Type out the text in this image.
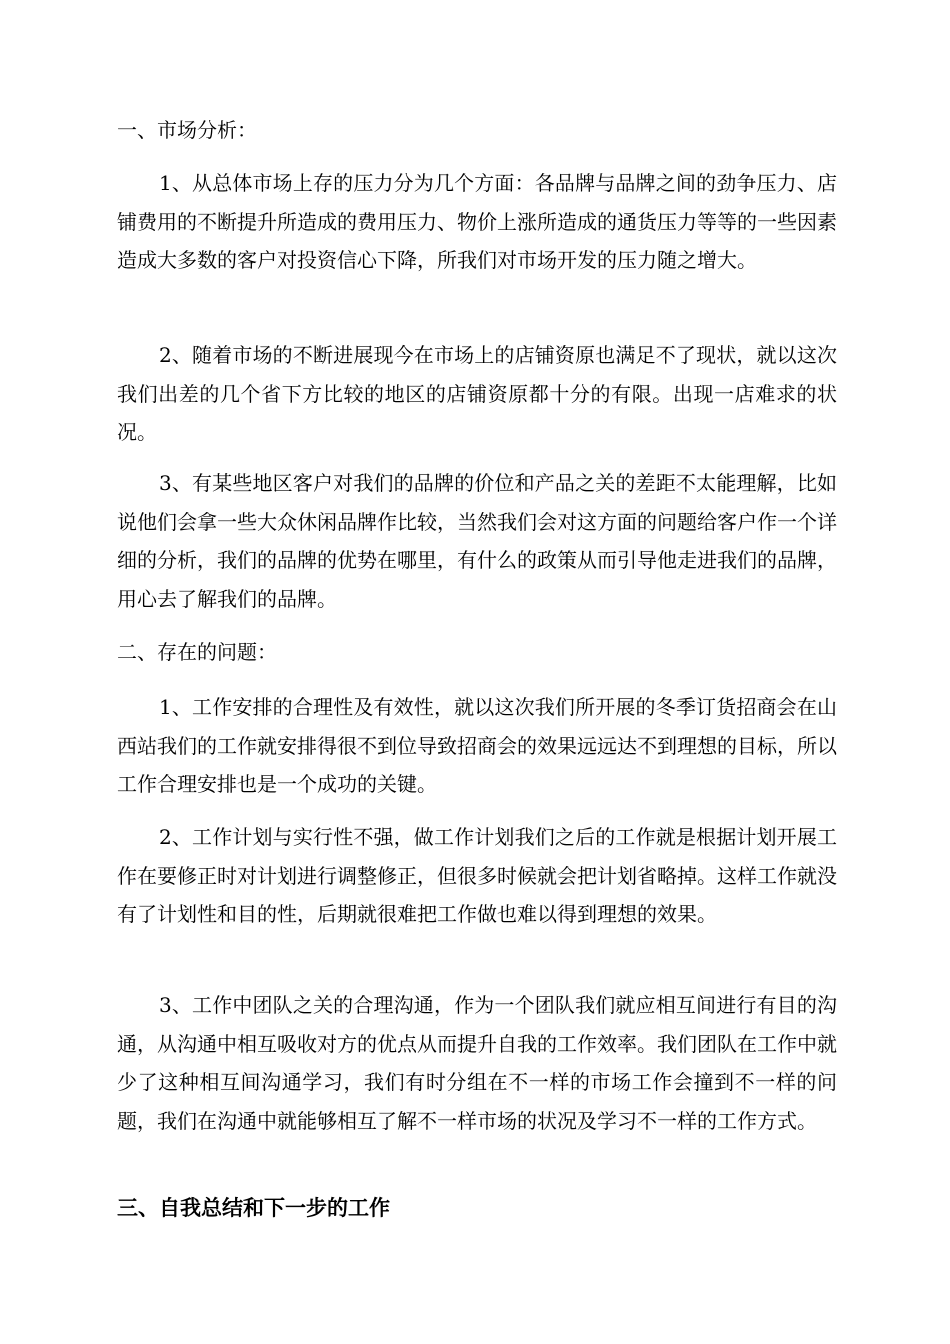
一、市场分析：

1、从总体市场上存的压力分为几个方面：各品牌与品牌之间的劲争压力、店铺费用的不断提升所造成的费用压力、物价上涨所造成的通货压力等等的一些因素造成大多数的客户对投资信心下降，所我们对市场开发的压力随之增大。

2、随着市场的不断进展现今在市场上的店铺资原也满足不了现状，就以这次我们出差的几个省下方比较的地区的店铺资原都十分的有限。出现一店难求的状况。

3、有某些地区客户对我们的品牌的价位和产品之关的差距不太能理解，比如说他们会拿一些大众休闲品牌作比较，当然我们会对这方面的问题给客户作一个详细的分析，我们的品牌的优势在哪里，有什么的政策从而引导他走进我们的品牌，用心去了解我们的品牌。

二、存在的问题：

1、工作安排的合理性及有效性，就以这次我们所开展的冬季订货招商会在山西站我们的工作就安排得很不到位导致招商会的效果远远达不到理想的目标，所以工作合理安排也是一个成功的关键。

2、工作计划与实行性不强，做工作计划我们之后的工作就是根据计划开展工作在要修正时对计划进行调整修正，但很多时候就会把计划省略掉。这样工作就没有了计划性和目的性，后期就很难把工作做也难以得到理想的效果。

3、工作中团队之关的合理沟通，作为一个团队我们就应相互间进行有目的沟通，从沟通中相互吸收对方的优点从而提升自我的工作效率。我们团队在工作中就少了这种相互间沟通学习，我们有时分组在不一样的市场工作会撞到不一样的问题，我们在沟通中就能够相互了解不一样市场的状况及学习不一样的工作方式。

三、自我总结和下一步的工作
